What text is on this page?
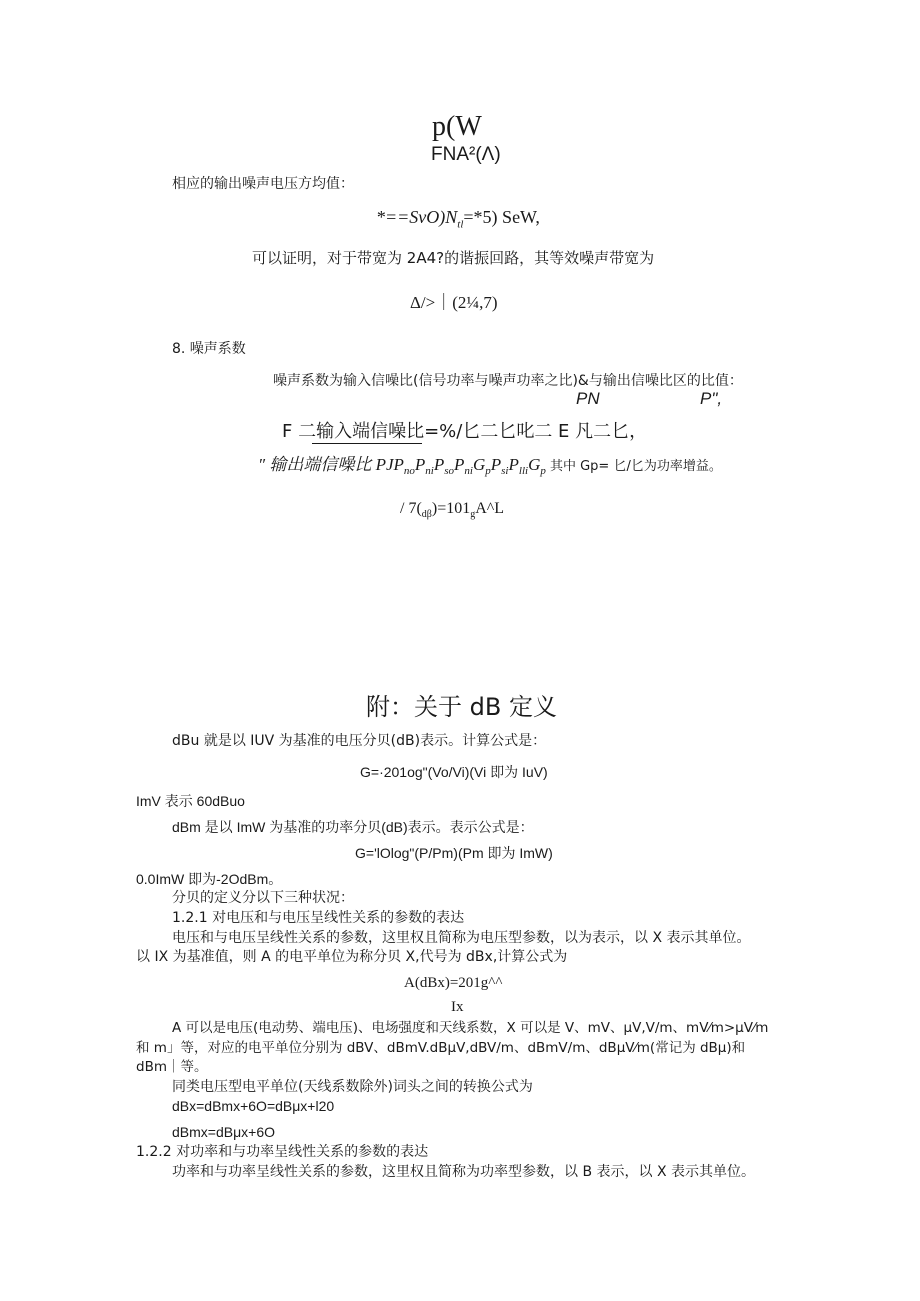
p(W
FNA²(Λ)
相应的输出噪声电压方均值：
$*==SvO)N_{tl}=*5$) SeW,
可以证明，对于带宽为 2A4?的谐振回路，其等效噪声带宽为
Δ/>｜(2¼,7)
8. 噪声系数
噪声系数为输入信噪比(信号功率与噪声功率之比)&与输出信噪比区的比值：
PN	P",
F 二输入端信噪比=%/匕二匕叱二 E 凡二匕，
″ 输出端信噪比 $PJP_{no}P_{ni}P_{so}P_{ni}G_pP_{si}P_{lli}G_p$ 其中 Gp= 匕/匕为功率增益。
/ $7(_{d\beta})=101_gA\^{}L$
附：关于 dB 定义
dBu 就是以 IUV 为基准的电压分贝(dB)表示。计算公式是：
G=·201og"(Vo/Vi)(Vi 即为 IuV)
ImV 表示 60dBuo
dBm 是以 ImW 为基准的功率分贝(dB)表示。表示公式是：
G='lOlog"(P/Pm)(Pm 即为 ImW)
0.0ImW 即为-2OdBm。
分贝的定义分以下三种状况：
1.2.1 对电压和与电压呈线性关系的参数的表达
电压和与电压呈线性关系的参数，这里权且简称为电压型参数，以为表示，以 X 表示其单位。
以 IX 为基准值，则 A 的电平单位为称分贝 X,代号为 dBx,计算公式为
A(dBx)=201g^^
Ix
A 可以是电压(电动势、端电压)、电场强度和天线系数，X 可以是 V、mV、μV,V/m、mV⁄m>μV⁄m
和 m」等，对应的电平单位分别为 dBV、dBmV.dBμV,dBV/m、dBmV/m、dBμV⁄m(常记为 dBμ)和
dBm｜等。
同类电压型电平单位(天线系数除外)词头之间的转换公式为
dBx=dBmx+6O=dBμx+l20
dBmx=dBμx+6O
1.2.2 对功率和与功率呈线性关系的参数的表达
功率和与功率呈线性关系的参数，这里权且简称为功率型参数，以 B 表示，以 X 表示其单位。
